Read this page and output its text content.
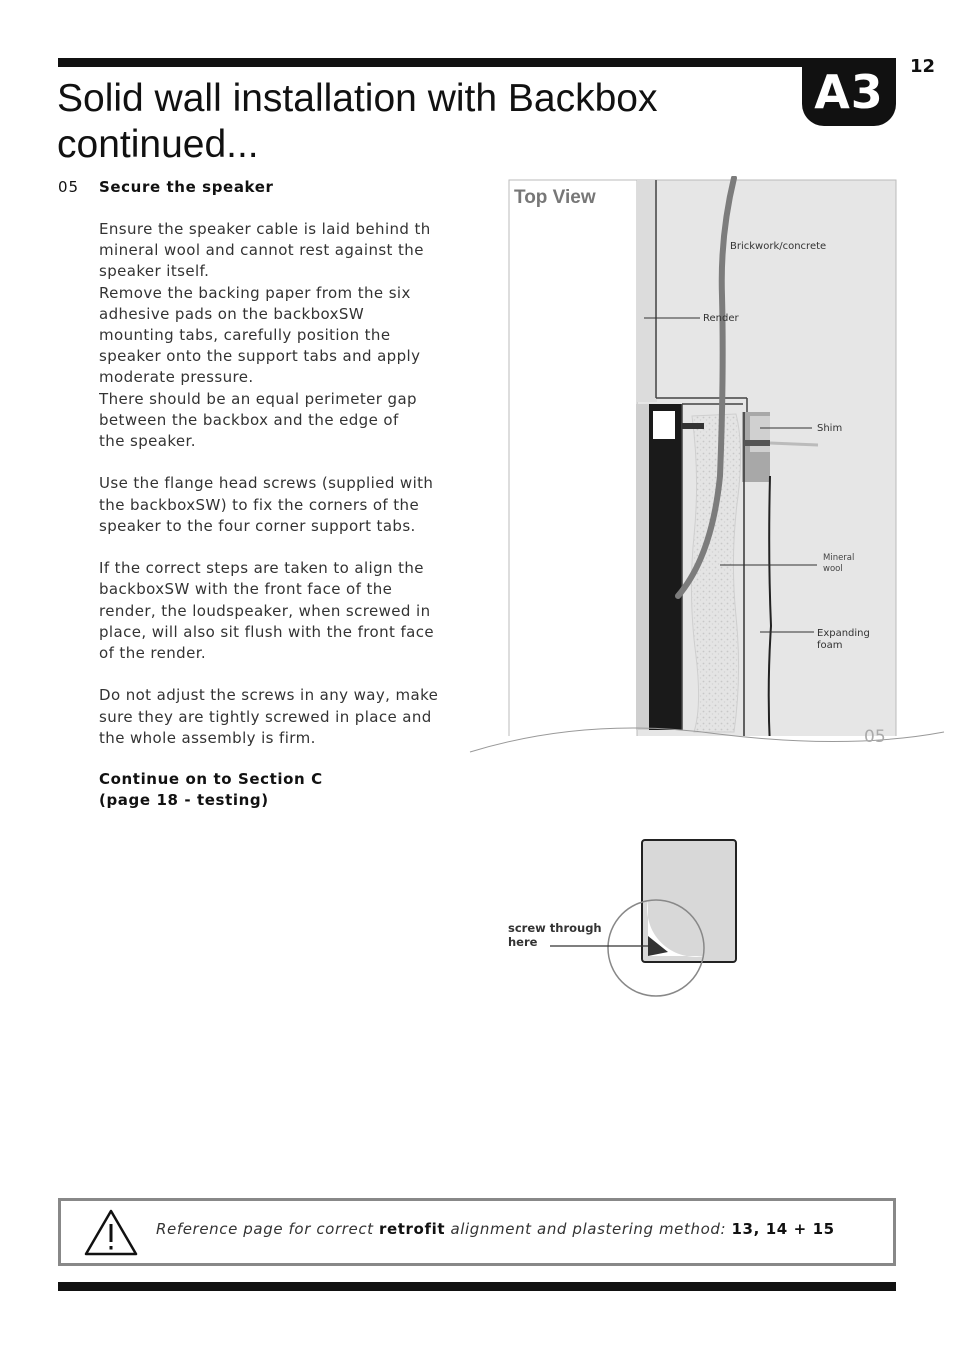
12
A3
Solid wall installation with Backbox
continued...
05 Secure the speaker

Ensure the speaker cable is laid behind th

mineral wool and cannot rest against the

speaker itself.

Remove the backing paper from the six

adhesive pads on the backboxSW

mounting tabs, carefully position the

speaker onto the support tabs and apply

moderate pressure.

There should be an equal perimeter gap

between the backbox and the edge of

the speaker.

Use the flange head screws (supplied with

the backboxSW) to fix the corners of the

speaker to the four corner support tabs.

If the correct steps are taken to align the

backboxSW with the front face of the

render, the loudspeaker, when screwed in

place, will also sit flush with the front face

of the render.

Do not adjust the screws in any way, make

sure they are tightly screwed in place and

the whole assembly is firm.

Continue on to Section C
(page 18 - testing)
Top View
Brickwork/concrete
Render
Shim
Mineral
wool
Expanding
foam
05
screw through
here
Reference page for correct retrofit alignment and plastering method: 13, 14 + 15
